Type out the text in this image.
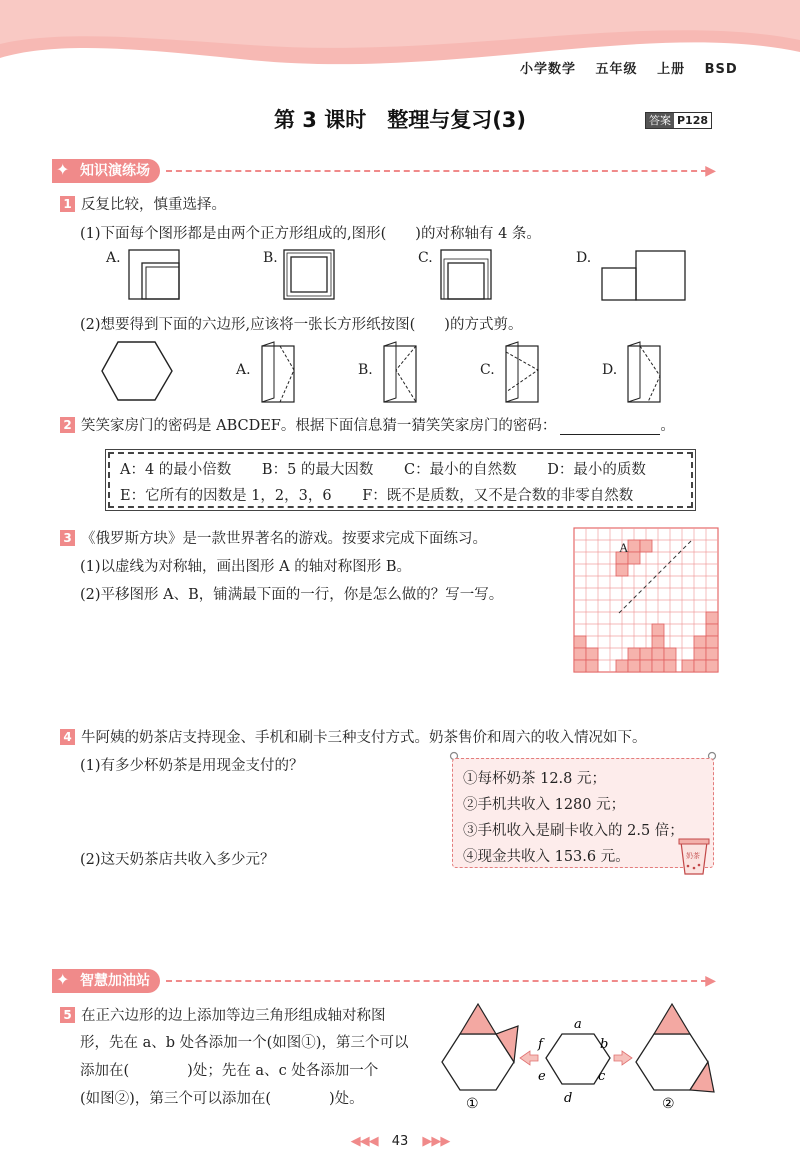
小学数学 五年级 上册 BSD
第 3 课时　整理与复习(3)	答案 P128
✦ 知识演练场	▶
1 反复比较，慎重选择。
(1)下面每个图形都是由两个正方形组成的,图形(　　)的对称轴有 4 条。
A.	B.	C.	D.
(2)想要得到下面的六边形,应该将一张长方形纸按图(　　)的方式剪。
A.	B.	C.	D.
2 笑笑家房门的密码是 ABCDEF。根据下面信息猜一猜笑笑家房门的密码：	。
A：4 的最小倍数 B：5 的最大因数 C：最小的自然数 D：最小的质数
E：它所有的因数是 1，2，3，6 F：既不是质数，又不是合数的非零自然数
3 《俄罗斯方块》是一款世界著名的游戏。按要求完成下面练习。
(1)以虚线为对称轴，画出图形 A 的轴对称图形 B。
(2)平移图形 A、B，铺满最下面的一行，你是怎么做的？写一写。
A
4 牛阿姨的奶茶店支持现金、手机和刷卡三种支付方式。奶茶售价和周六的收入情况如下。
(1)有多少杯奶茶是用现金支付的？
(2)这天奶茶店共收入多少元？
①每杯奶茶 12.8 元；
②手机共收入 1280 元；
③手机收入是刷卡收入的 2.5 倍；
④现金共收入 153.6 元。	奶茶
✦ 智慧加油站	▶
5 在正六边形的边上添加等边三角形组成轴对称图
形，先在 a、b 处各添加一个(如图①)，第三个可以
添加在(　　　　)处；先在 a、c 处各添加一个
(如图②)，第三个可以添加在(　　　　)处。	①
a
b
c
d
e
f
②
◀◀◀ 43 ▶▶▶
